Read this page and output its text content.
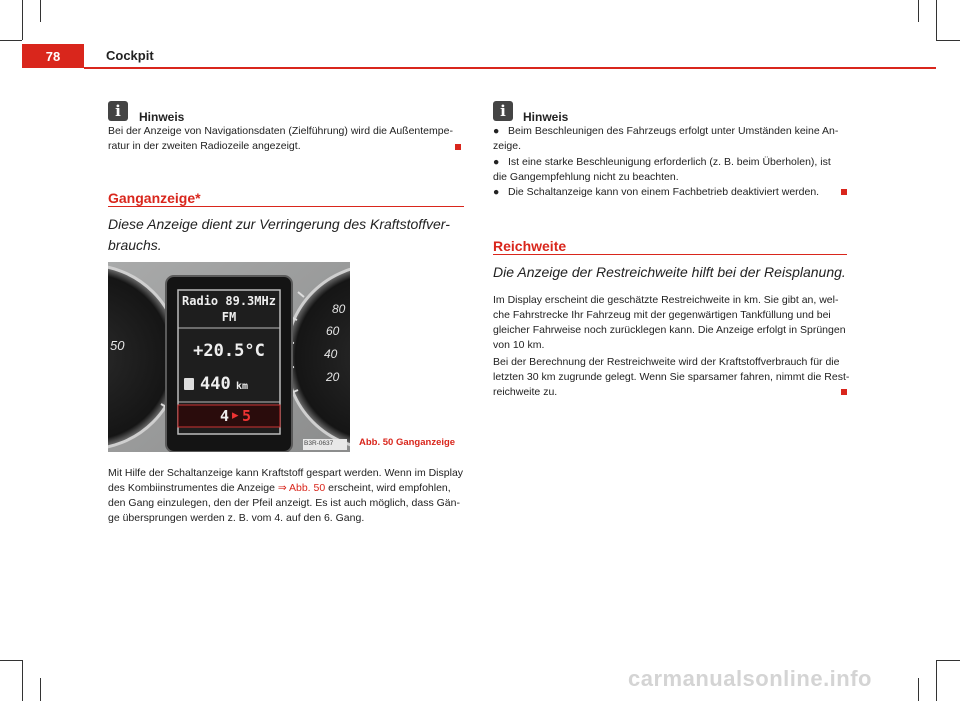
78	Cockpit
i	Hinweis
Bei der Anzeige von Navigationsdaten (Zielführung) wird die Außentempe-
ratur in der zweiten Radiozeile angezeigt.
Ganganzeige*
Diese Anzeige dient zur Verringerung des Kraftstoffver-
brauchs.
Radio 89.3MHz
FM
+20.5°C
440 km
4 ▸ 5
50
80
60
40
20
B3R-0637	Abb. 50 Ganganzeige
Mit Hilfe der Schaltanzeige kann Kraftstoff gespart werden. Wenn im Display
des Kombiinstrumentes die Anzeige ⇒ Abb. 50 erscheint, wird empfohlen,
den Gang einzulegen, den der Pfeil anzeigt. Es ist auch möglich, dass Gän-
ge übersprungen werden z. B. vom 4. auf den 6. Gang.
i	Hinweis
● Beim Beschleunigen des Fahrzeugs erfolgt unter Umständen keine An-
zeige.
● Ist eine starke Beschleunigung erforderlich (z. B. beim Überholen), ist
die Gangempfehlung nicht zu beachten.
● Die Schaltanzeige kann von einem Fachbetrieb deaktiviert werden.
Reichweite
Die Anzeige der Restreichweite hilft bei der Reisplanung.
Im Display erscheint die geschätzte Restreichweite in km. Sie gibt an, wel-
che Fahrstrecke Ihr Fahrzeug mit der gegenwärtigen Tankfüllung und bei
gleicher Fahrweise noch zurücklegen kann. Die Anzeige erfolgt in Sprüngen
von 10 km.
Bei der Berechnung der Restreichweite wird der Kraftstoffverbrauch für die
letzten 30 km zugrunde gelegt. Wenn Sie sparsamer fahren, nimmt die Rest-
reichweite zu.
carmanualsonline.info
